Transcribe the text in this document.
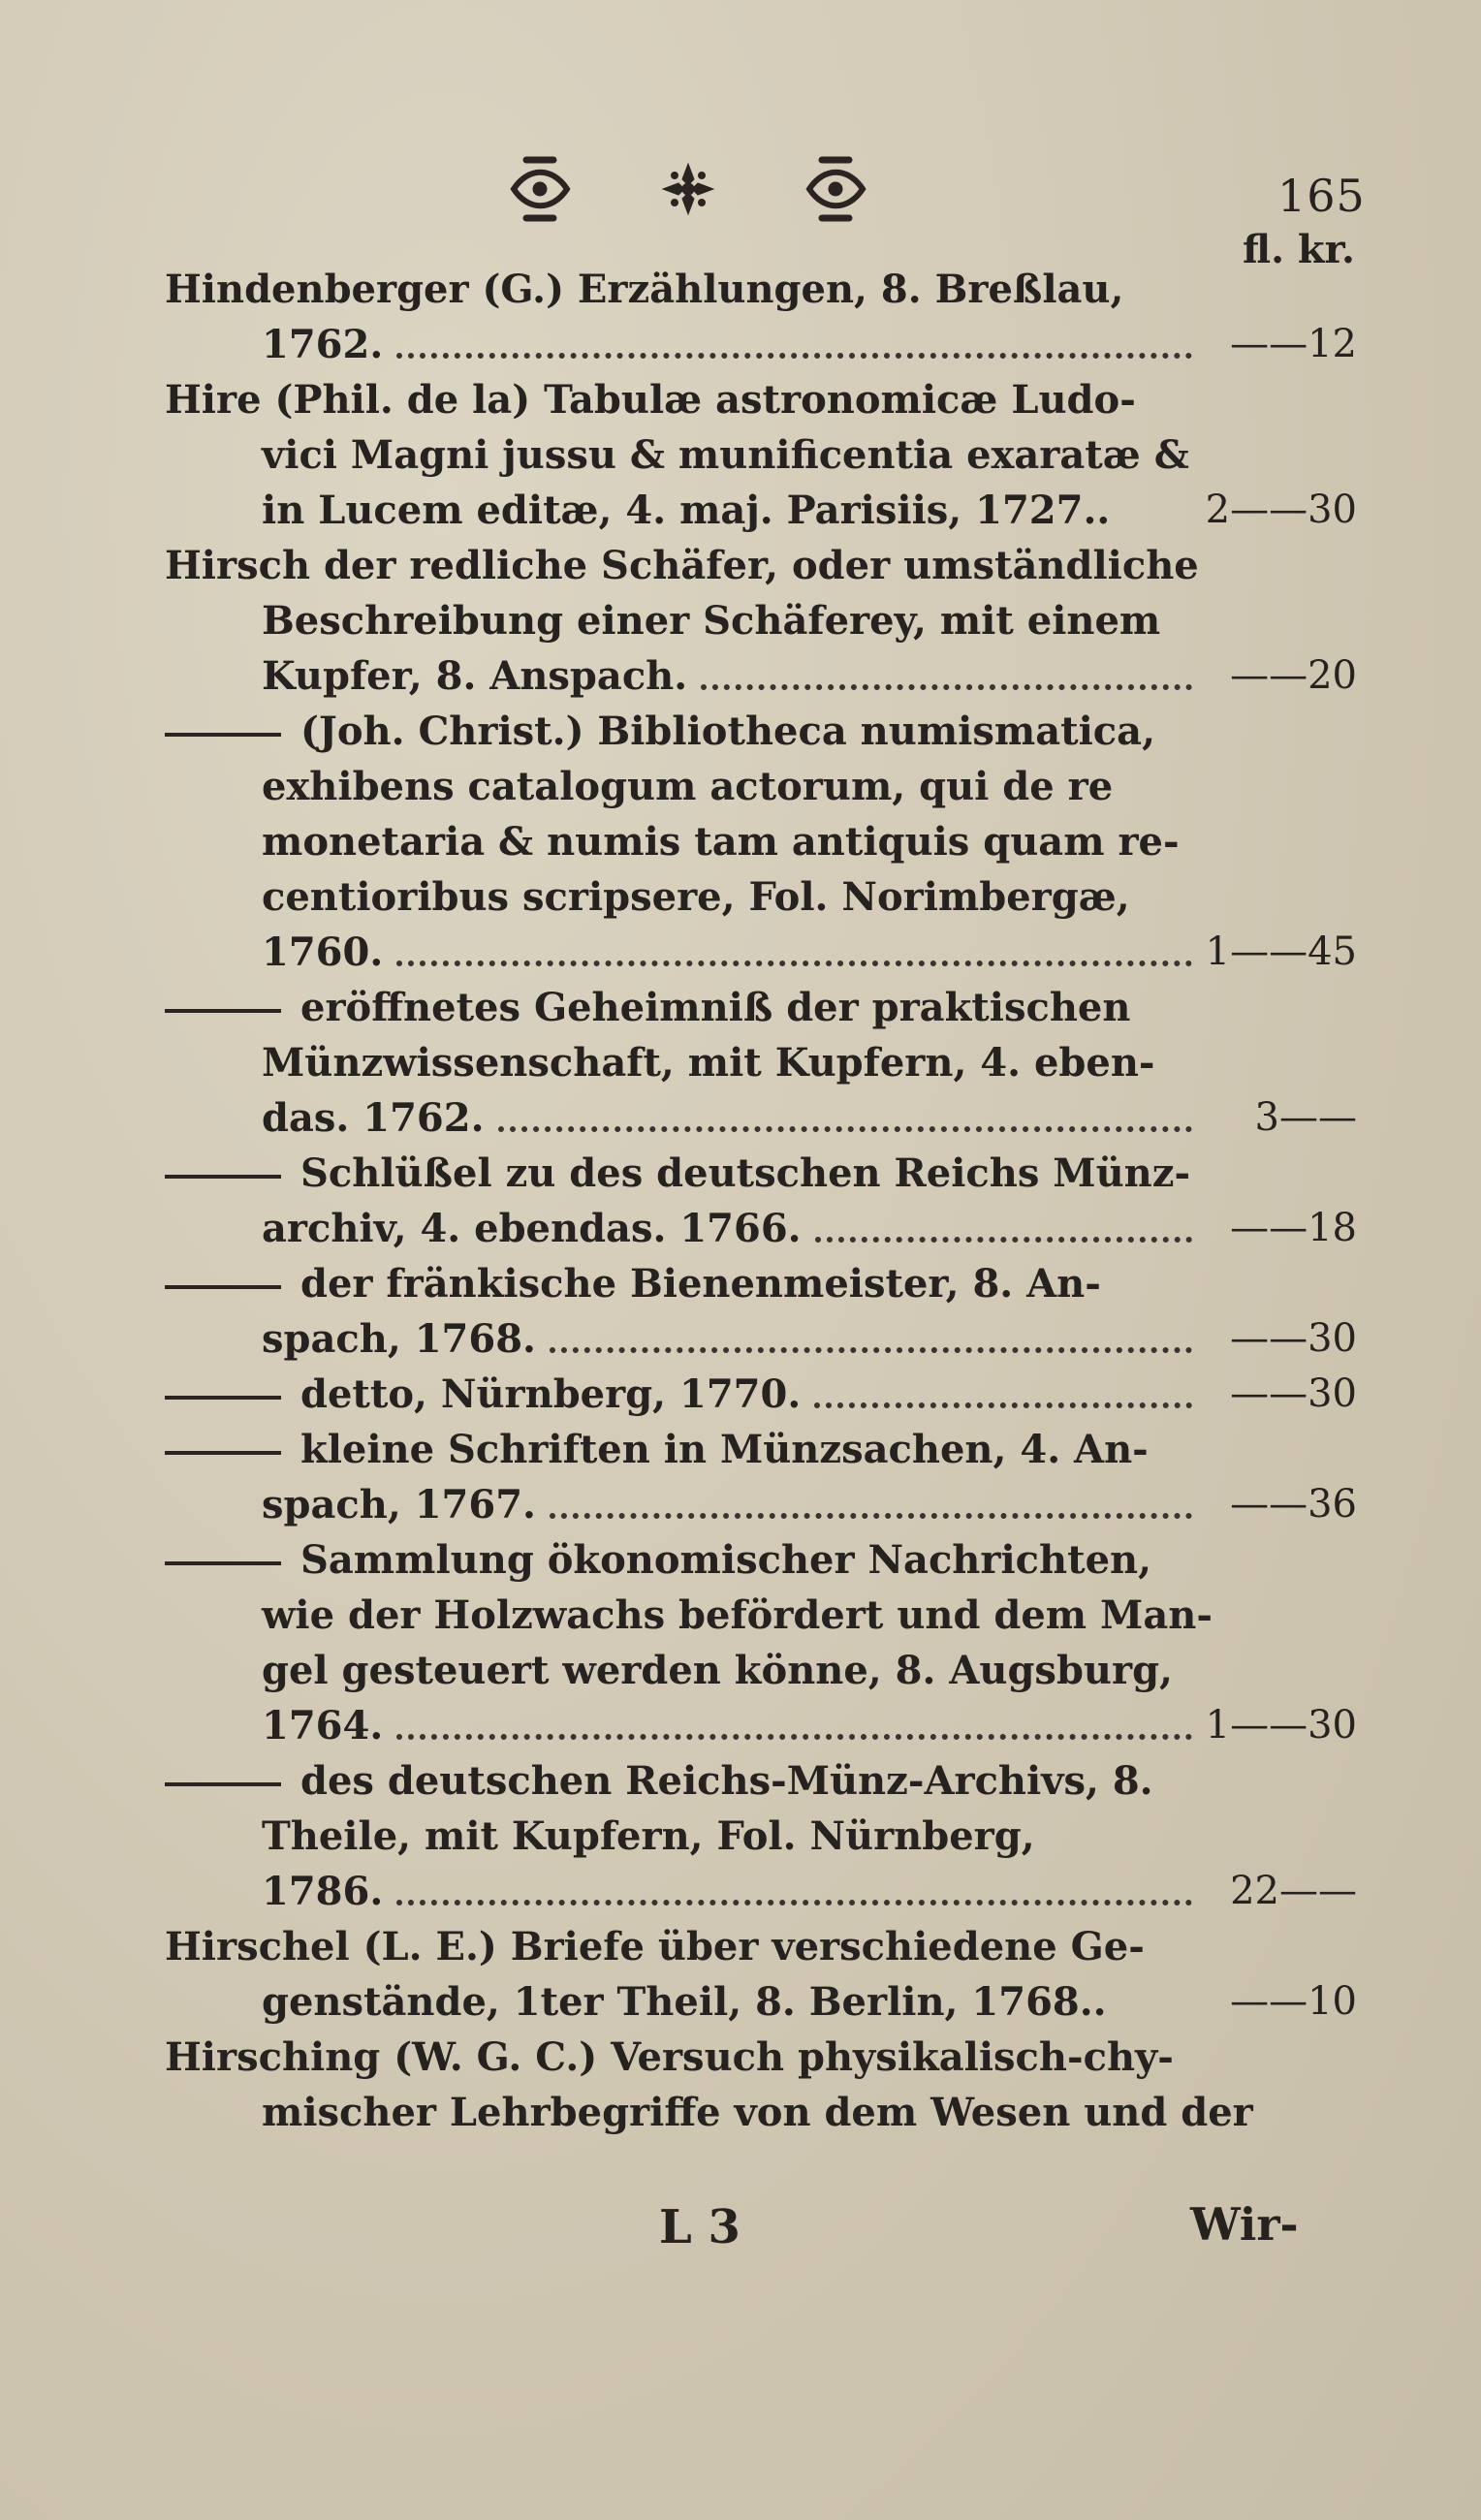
165
fl. kr.
Hindenberger (G.) Erzählungen, 8. Breßlau,
1762.	——12
Hire (Phil. de la) Tabulæ astronomicæ Ludo-
vici Magni jussu & munificentia exaratæ &
in Lucem editæ, 4. maj. Parisiis, 1727..	2——30
Hirsch der redliche Schäfer, oder umständliche
Beschreibung einer Schäferey, mit einem
Kupfer, 8. Anspach.	——20
(Joh. Christ.) Bibliotheca numismatica,
exhibens catalogum actorum, qui de re
monetaria & numis tam antiquis quam re-
centioribus scripsere, Fol. Norimbergæ,
1760.	1——45
eröffnetes Geheimniß der praktischen
Münzwissenschaft, mit Kupfern, 4. eben-
das. 1762.	3——
Schlüßel zu des deutschen Reichs Münz-
archiv, 4. ebendas. 1766.	——18
der fränkische Bienenmeister, 8. An-
spach, 1768.	——30
detto, Nürnberg, 1770.	——30
kleine Schriften in Münzsachen, 4. An-
spach, 1767.	——36
Sammlung ökonomischer Nachrichten,
wie der Holzwachs befördert und dem Man-
gel gesteuert werden könne, 8. Augsburg,
1764.	1——30
des deutschen Reichs-Münz-Archivs, 8.
Theile, mit Kupfern, Fol. Nürnberg,
1786.	22——
Hirschel (L. E.) Briefe über verschiedene Ge-
genstände, 1ter Theil, 8. Berlin, 1768..	——10
Hirsching (W. G. C.) Versuch physikalisch-chy-
mischer Lehrbegriffe von dem Wesen und der
L 3	Wir-
